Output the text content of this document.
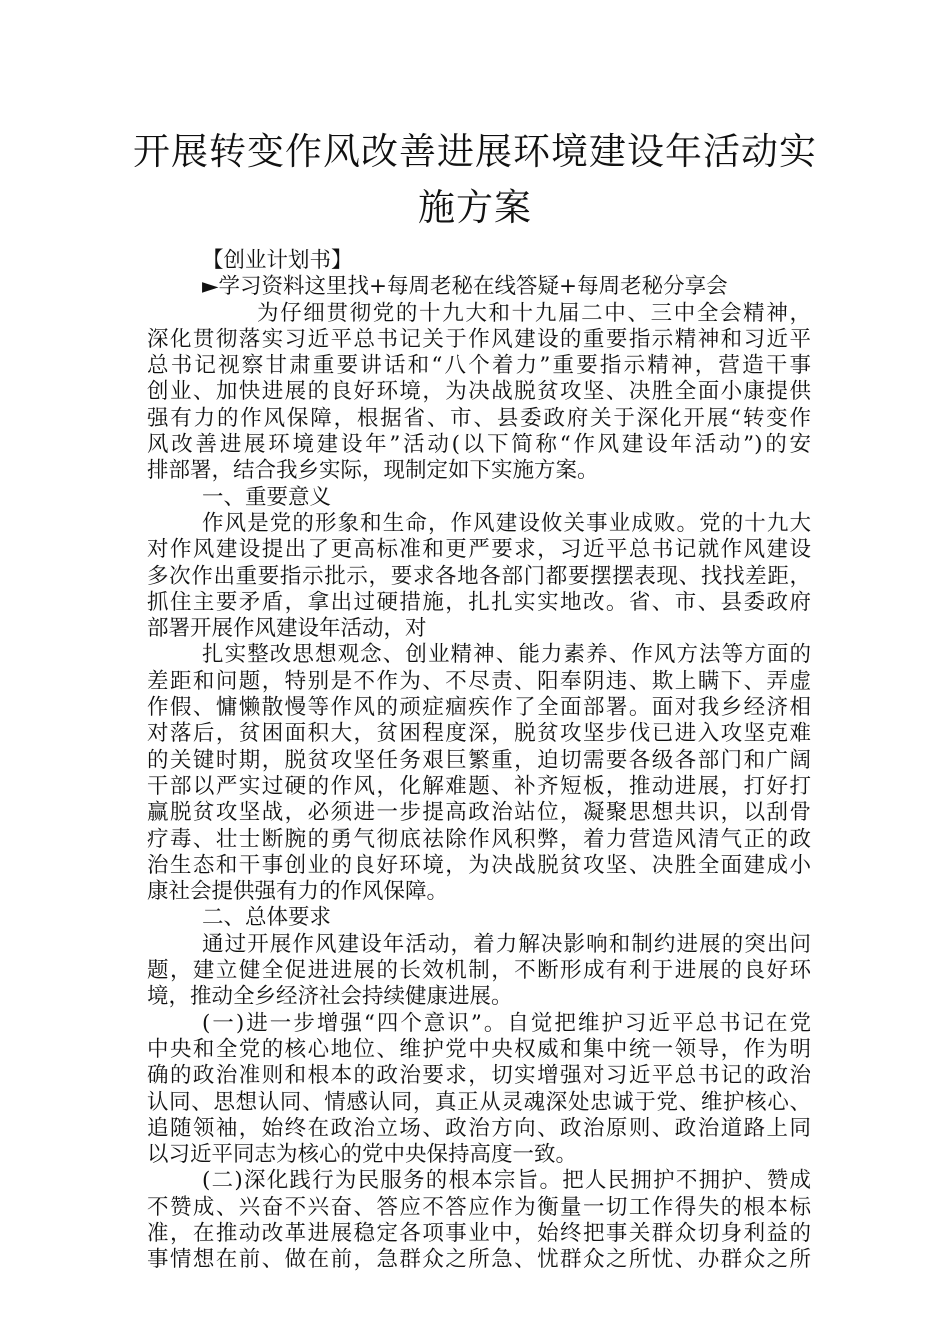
开展转变作风改善进展环境建设年活动实
施方案
【创业计划书】
►学习资料这里找+每周老秘在线答疑+每周老秘分享会
为仔细贯彻党的十九大和十九届二中、三中全会精神，
深化贯彻落实习近平总书记关于作风建设的重要指示精神和习近平
总书记视察甘肃重要讲话和“八个着力”重要指示精神，营造干事
创业、加快进展的良好环境，为决战脱贫攻坚、决胜全面小康提供
强有力的作风保障，根据省、市、县委政府关于深化开展“转变作
风改善进展环境建设年”活动(以下简称“作风建设年活动”)的安
排部署，结合我乡实际，现制定如下实施方案。
一、重要意义
作风是党的形象和生命，作风建设攸关事业成败。党的十九大
对作风建设提出了更高标准和更严要求，习近平总书记就作风建设
多次作出重要指示批示，要求各地各部门都要摆摆表现、找找差距，
抓住主要矛盾，拿出过硬措施，扎扎实实地改。省、市、县委政府
部署开展作风建设年活动，对
扎实整改思想观念、创业精神、能力素养、作风方法等方面的
差距和问题，特别是不作为、不尽责、阳奉阴违、欺上瞒下、弄虚
作假、慵懒散慢等作风的顽症痼疾作了全面部署。面对我乡经济相
对落后，贫困面积大，贫困程度深，脱贫攻坚步伐已进入攻坚克难
的关键时期，脱贫攻坚任务艰巨繁重，迫切需要各级各部门和广阔
干部以严实过硬的作风，化解难题、补齐短板，推动进展，打好打
赢脱贫攻坚战，必须进一步提高政治站位，凝聚思想共识，以刮骨
疗毒、壮士断腕的勇气彻底祛除作风积弊，着力营造风清气正的政
治生态和干事创业的良好环境，为决战脱贫攻坚、决胜全面建成小
康社会提供强有力的作风保障。
二、总体要求
通过开展作风建设年活动，着力解决影响和制约进展的突出问
题，建立健全促进进展的长效机制，不断形成有利于进展的良好环
境，推动全乡经济社会持续健康进展。
(一)进一步增强“四个意识”。自觉把维护习近平总书记在党
中央和全党的核心地位、维护党中央权威和集中统一领导，作为明
确的政治准则和根本的政治要求，切实增强对习近平总书记的政治
认同、思想认同、情感认同，真正从灵魂深处忠诚于党、维护核心、
追随领袖，始终在政治立场、政治方向、政治原则、政治道路上同
以习近平同志为核心的党中央保持高度一致。
(二)深化践行为民服务的根本宗旨。把人民拥护不拥护、赞成
不赞成、兴奋不兴奋、答应不答应作为衡量一切工作得失的根本标
准，在推动改革进展稳定各项事业中，始终把事关群众切身利益的
事情想在前、做在前，急群众之所急、忧群众之所忧、办群众之所
